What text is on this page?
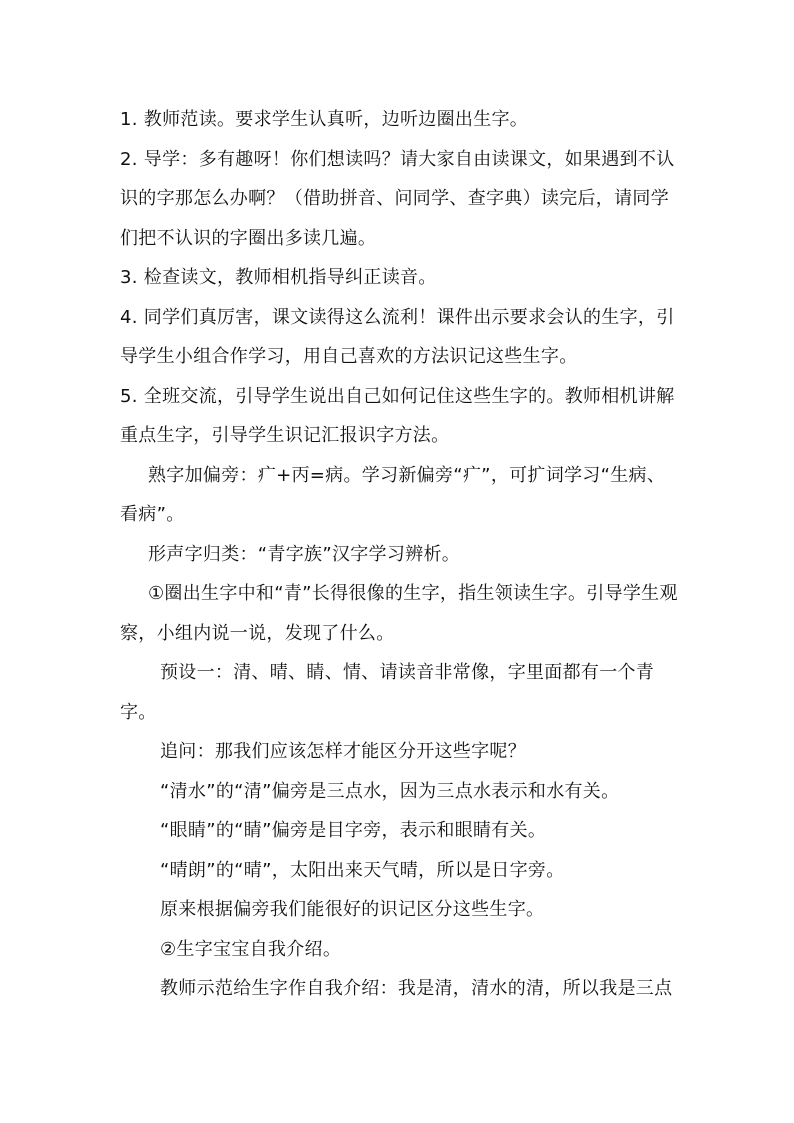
1. 教师范读。要求学生认真听，边听边圈出生字。

2. 导学：多有趣呀！你们想读吗？请大家自由读课文，如果遇到不认识的字那怎么办啊？（借助拼音、问同学、查字典）读完后，请同学们把不认识的字圈出多读几遍。

3. 检查读文，教师相机指导纠正读音。

4. 同学们真厉害，课文读得这么流利！课件出示要求会认的生字，引导学生小组合作学习，用自己喜欢的方法识记这些生字。

5. 全班交流，引导学生说出自己如何记住这些生字的。教师相机讲解重点生字，引导学生识记汇报识字方法。

熟字加偏旁：疒+丙=病。学习新偏旁“疒”，可扩词学习“生病、看病”。

形声字归类：“青字族”汉字学习辨析。

①圈出生字中和“青”长得很像的生字，指生领读生字。引导学生观察，小组内说一说，发现了什么。

预设一：清、晴、睛、情、请读音非常像，字里面都有一个青字。

追问：那我们应该怎样才能区分开这些字呢？

“清水”的“清”偏旁是三点水，因为三点水表示和水有关。

“眼睛”的“睛”偏旁是目字旁，表示和眼睛有关。

“晴朗”的“晴”，太阳出来天气晴，所以是日字旁。

原来根据偏旁我们能很好的识记区分这些生字。

②生字宝宝自我介绍。

教师示范给生字作自我介绍：我是清，清水的清，所以我是三点
